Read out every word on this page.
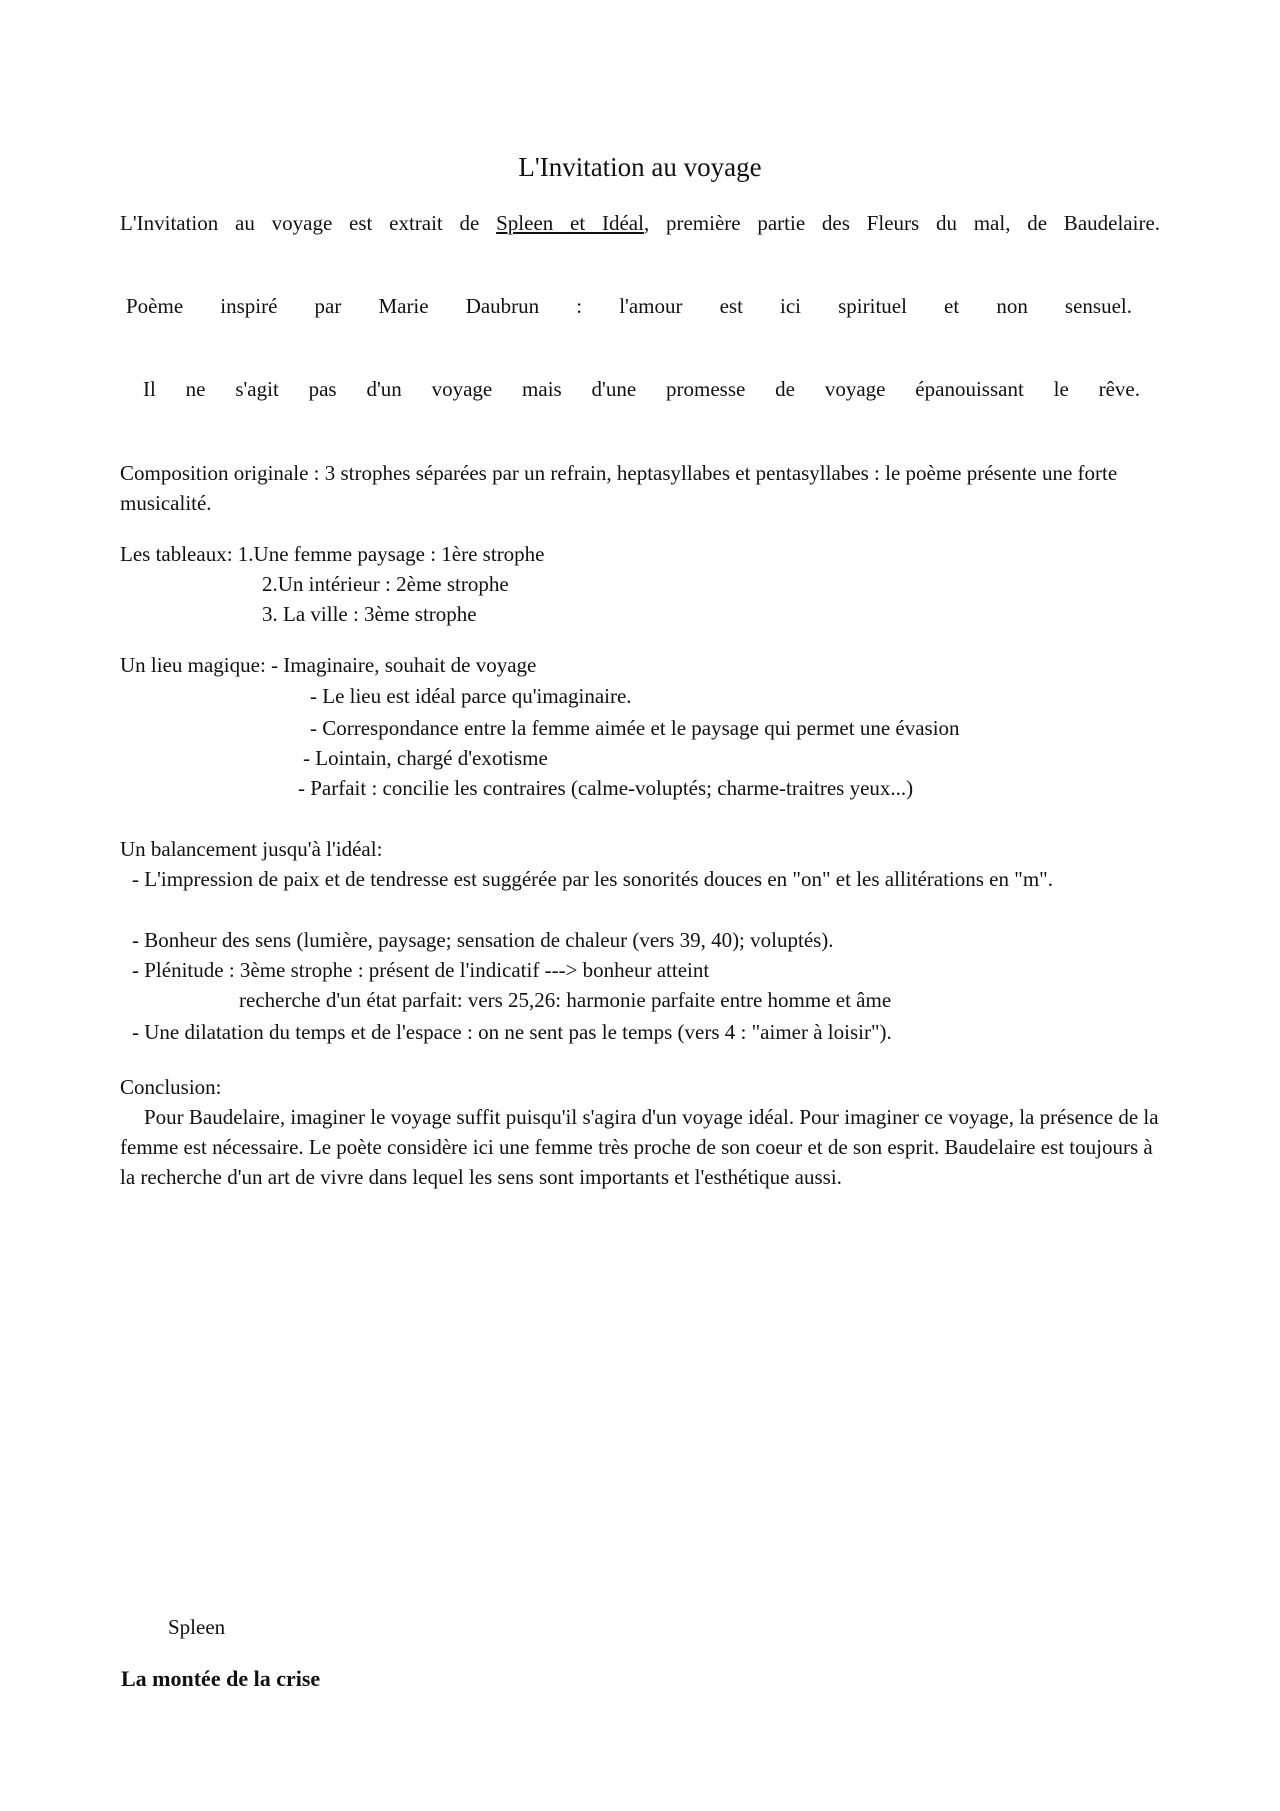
L'Invitation au voyage
L'Invitation au voyage est extrait de Spleen et Idéal, première partie des Fleurs du mal, de Baudelaire.
Poème inspiré par Marie Daubrun : l'amour est ici spirituel et non sensuel.
Il ne s'agit pas d'un voyage mais d'une promesse de voyage épanouissant le rêve.
Composition originale : 3 strophes séparées par un refrain, heptasyllabes et pentasyllabes : le poème présente une forte musicalité.
Les tableaux: 1.Une femme paysage : 1ère strophe
2.Un intérieur : 2ème strophe
3. La ville : 3ème strophe
Un lieu magique: - Imaginaire, souhait de voyage
- Le lieu est idéal parce qu'imaginaire.
- Correspondance entre la femme aimée et le paysage qui permet une évasion
- Lointain, chargé d'exotisme
- Parfait : concilie les contraires (calme-voluptés; charme-traitres yeux...)
Un balancement jusqu'à l'idéal:
- L'impression de paix et de tendresse est suggérée par les sonorités douces en "on" et les allitérations en "m".
- Bonheur des sens (lumière, paysage; sensation de chaleur (vers 39, 40); voluptés).
- Plénitude : 3ème strophe : présent de l'indicatif ---> bonheur atteint
recherche d'un état parfait: vers 25,26: harmonie parfaite entre homme et âme
- Une dilatation du temps et de l'espace : on ne sent pas le temps (vers 4 : "aimer à loisir").
Conclusion:
Pour Baudelaire, imaginer le voyage suffit puisqu'il s'agira d'un voyage idéal. Pour imaginer ce voyage, la présence de la femme est nécessaire. Le poète considère ici une femme très proche de son coeur et de son esprit. Baudelaire est toujours à la recherche d'un art de vivre dans lequel les sens sont importants et l'esthétique aussi.
Spleen
La montée de la crise
